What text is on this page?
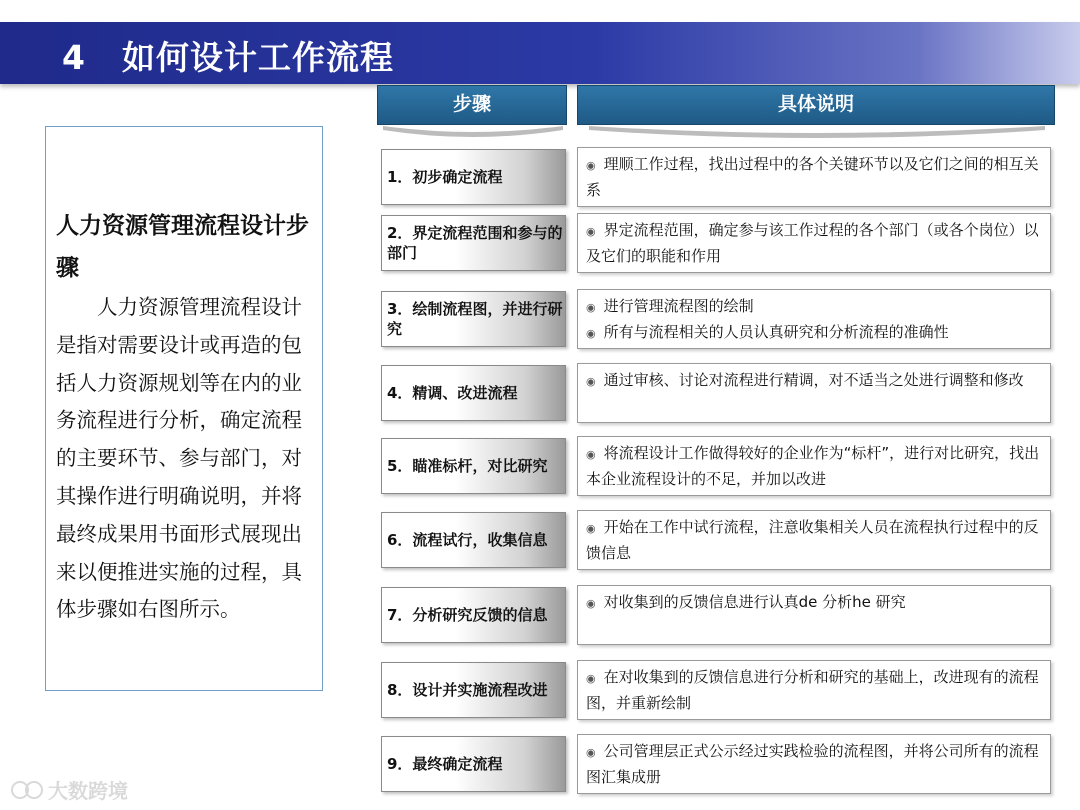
4 如何设计工作流程
人力资源管理流程设计步骤
人力资源管理流程设计是指对需要设计或再造的包括人力资源规划等在内的业务流程进行分析，确定流程的主要环节、参与部门，对其操作进行明确说明，并将最终成果用书面形式展现出来以便推进实施的过程，具体步骤如右图所示。
步骤	具体说明
1．初步确定流程
◉ 理顺工作过程，找出过程中的各个关键环节以及它们之间的相互关系
2．界定流程范围和参与的部门
◉ 界定流程范围，确定参与该工作过程的各个部门（或各个岗位）以及它们的职能和作用
3．绘制流程图，并进行研究
◉ 进行管理流程图的绘制
◉ 所有与流程相关的人员认真研究和分析流程的准确性
4．精调、改进流程
◉ 通过审核、讨论对流程进行精调，对不适当之处进行调整和修改
5．瞄准标杆，对比研究
◉ 将流程设计工作做得较好的企业作为“标杆”，进行对比研究，找出本企业流程设计的不足，并加以改进
6．流程试行，收集信息
◉ 开始在工作中试行流程，注意收集相关人员在流程执行过程中的反馈信息
7．分析研究反馈的信息
◉ 对收集到的反馈信息进行认真de 分析he 研究
8．设计并实施流程改进
◉ 在对收集到的反馈信息进行分析和研究的基础上，改进现有的流程图，并重新绘制
9．最终确定流程
◉ 公司管理层正式公示经过实践检验的流程图，并将公司所有的流程图汇集成册
大数跨境
